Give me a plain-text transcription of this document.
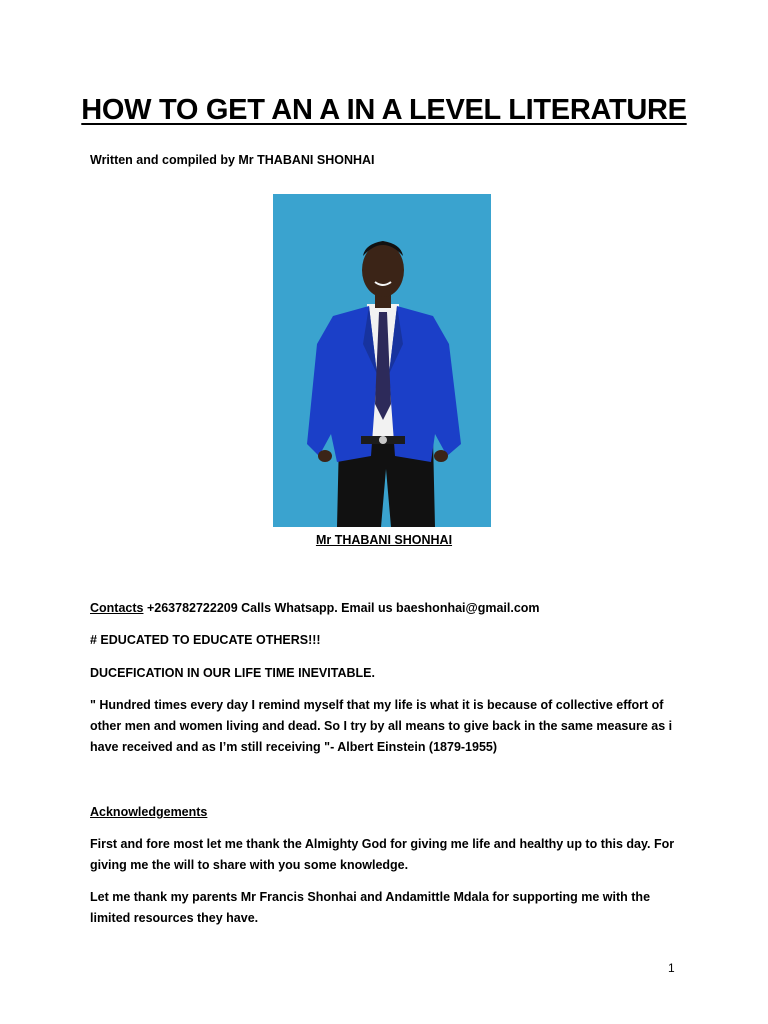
HOW TO GET AN A IN A LEVEL LITERATURE
Written and compiled by Mr THABANI SHONHAI
Mr THABANI SHONHAI
Contacts +263782722209 Calls Whatsapp. Email us baeshonhai@gmail.com
# EDUCATED TO EDUCATE OTHERS!!!
DUCEFICATION IN OUR LIFE TIME INEVITABLE.
" Hundred times every day I remind myself that my life is what it is because of collective effort of other men and women living and dead. So I try by all means to give back in the same measure as i have received and as I’m still receiving "- Albert Einstein (1879-1955)
Acknowledgements
First and fore most let me thank the Almighty God for giving me life and healthy up to this day. For giving me the will to share with you some knowledge.
Let me thank my parents Mr Francis Shonhai and Andamittle Mdala for supporting me with the limited resources they have.
1
